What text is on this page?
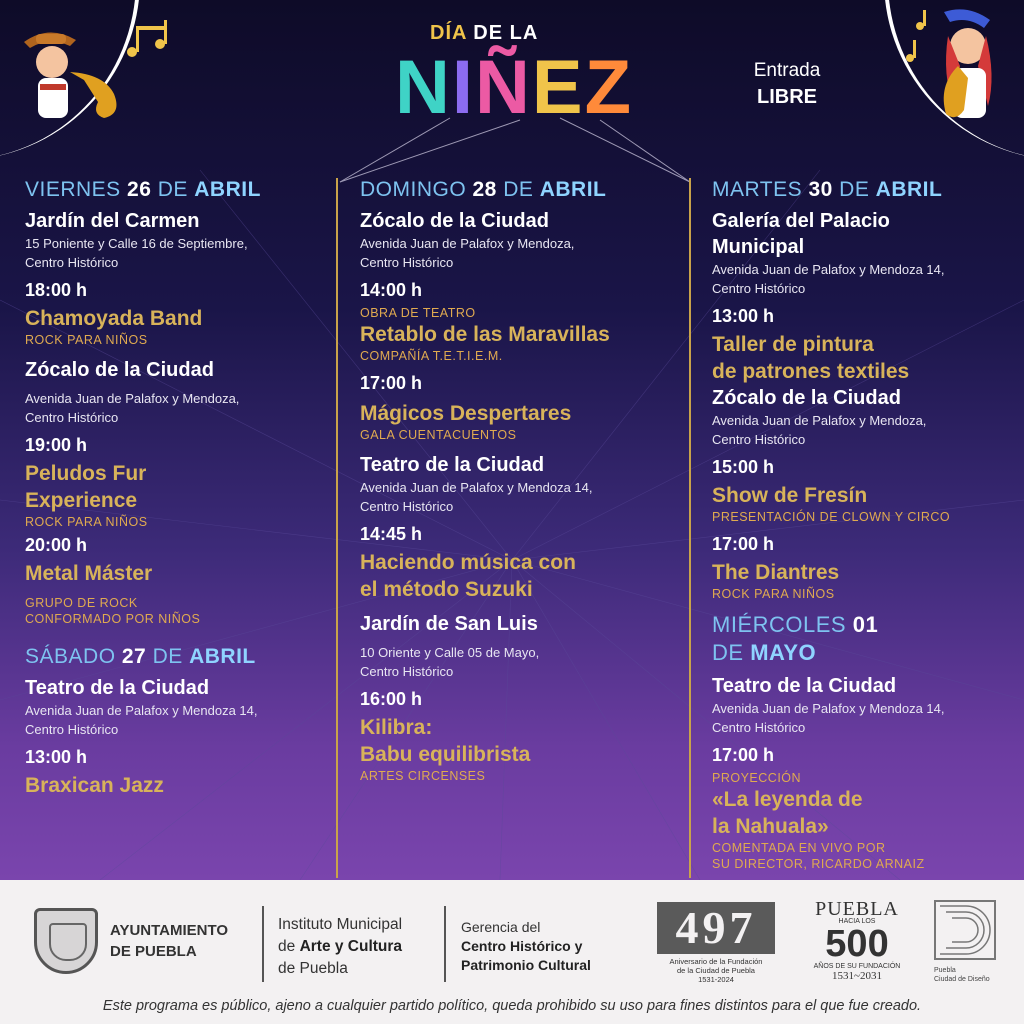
DÍA DE LA
NIÑEZ	Entrada
LIBRE
VIERNES 26 DE ABRIL
Jardín del Carmen
15 Poniente y Calle 16 de Septiembre,
Centro Histórico
18:00 h
Chamoyada Band
ROCK PARA NIÑOS
Zócalo de la Ciudad
Avenida Juan de Palafox y Mendoza,
Centro Histórico
19:00 h
Peludos Fur
Experience
ROCK PARA NIÑOS
20:00 h
Metal Máster
GRUPO DE ROCK
CONFORMADO POR NIÑOS
SÁBADO 27 DE ABRIL
Teatro de la Ciudad
Avenida Juan de Palafox y Mendoza 14,
Centro Histórico
13:00 h
Braxican Jazz
DOMINGO 28 DE ABRIL
Zócalo de la Ciudad
Avenida Juan de Palafox y Mendoza,
Centro Histórico
14:00 h
OBRA DE TEATRO
Retablo de las Maravillas
COMPAÑÍA T.E.T.I.E.M.
17:00 h
Mágicos Despertares
GALA CUENTACUENTOS
Teatro de la Ciudad
Avenida Juan de Palafox y Mendoza 14,
Centro Histórico
14:45 h
Haciendo música con
el método Suzuki
Jardín de San Luis
10 Oriente y Calle 05 de Mayo,
Centro Histórico
16:00 h
Kilibra:
Babu equilibrista
ARTES CIRCENSES
MARTES 30 DE ABRIL
Galería del Palacio
Municipal
Avenida Juan de Palafox y Mendoza 14,
Centro Histórico
13:00 h
Taller de pintura
de patrones textiles
Zócalo de la Ciudad
Avenida Juan de Palafox y Mendoza,
Centro Histórico
15:00 h
Show de Fresín
PRESENTACIÓN DE CLOWN Y CIRCO
17:00 h
The Diantres
ROCK PARA NIÑOS
MIÉRCOLES 01
DE MAYO
Teatro de la Ciudad
Avenida Juan de Palafox y Mendoza 14,
Centro Histórico
17:00 h
PROYECCIÓN
«La leyenda de
la Nahuala»
COMENTADA EN VIVO POR
SU DIRECTOR, RICARDO ARNAIZ
AYUNTAMIENTO
DE PUEBLA
Instituto Municipal
de Arte y Cultura
de Puebla
Gerencia del
Centro Histórico y
Patrimonio Cultural
497
Aniversario de la Fundación
de la Ciudad de Puebla
1531-2024
PUEBLA
HACIA LOS
500
AÑOS DE SU FUNDACIÓN
1531~2031	Puebla
Ciudad de Diseño
Este programa es público, ajeno a cualquier partido político, queda prohibido su uso para fines distintos para el que fue creado.
